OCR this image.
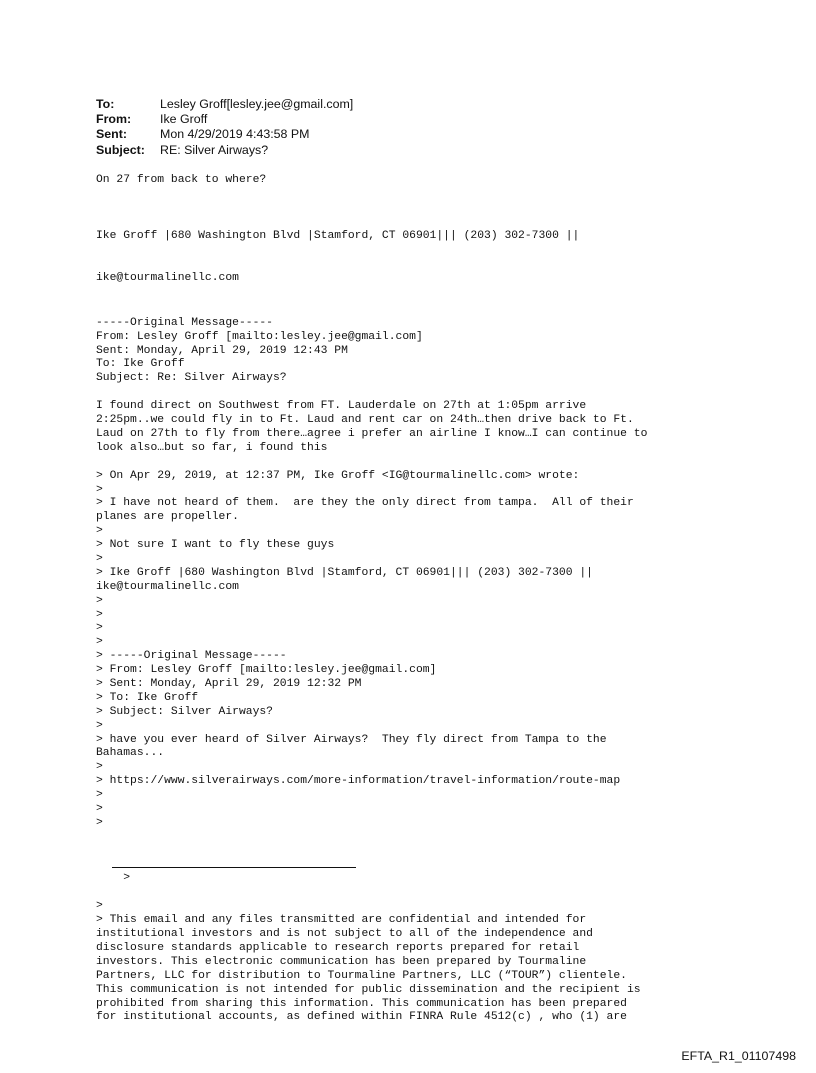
To:	Lesley Groff[lesley.jee@gmail.com]
From:	Ike Groff
Sent:	Mon 4/29/2019 4:43:58 PM
Subject:	RE: Silver Airways?
On 27 from back to where?

Ike Groff |680 Washington Blvd |Stamford, CT 06901||| (203) 302-7300 ||

ike@tourmalinellc.com

-----Original Message-----
From: Lesley Groff [mailto:lesley.jee@gmail.com]
Sent: Monday, April 29, 2019 12:43 PM
To: Ike Groff
Subject: Re: Silver Airways?
I found direct on Southwest from FT. Lauderdale on 27th at 1:05pm arrive
2:25pm..we could fly in to Ft. Laud and rent car on 24th…then drive back to Ft.
Laud on 27th to fly from there…agree i prefer an airline I know…I can continue to
look also…but so far, i found this
> On Apr 29, 2019, at 12:37 PM, Ike Groff <IG@tourmalinellc.com> wrote:
>
> I have not heard of them.  are they the only direct from tampa.  All of their
planes are propeller.
>
> Not sure I want to fly these guys
>
> Ike Groff |680 Washington Blvd |Stamford, CT 06901||| (203) 302-7300 ||
ike@tourmalinellc.com
>
>
>
>
> -----Original Message-----
> From: Lesley Groff [mailto:lesley.jee@gmail.com]
> Sent: Monday, April 29, 2019 12:32 PM
> To: Ike Groff
> Subject: Silver Airways?
>
> have you ever heard of Silver Airways?  They fly direct from Tampa to the
Bahamas...
>
> https://www.silverairways.com/more-information/travel-information/route-map
>
>
>

>

>
> This email and any files transmitted are confidential and intended for
institutional investors and is not subject to all of the independence and
disclosure standards applicable to research reports prepared for retail
investors. This electronic communication has been prepared by Tourmaline
Partners, LLC for distribution to Tourmaline Partners, LLC (“TOUR”) clientele.
This communication is not intended for public dissemination and the recipient is
prohibited from sharing this information. This communication has been prepared
for institutional accounts, as defined within FINRA Rule 4512(c) , who (1) are

EFTA_R1_01107498
